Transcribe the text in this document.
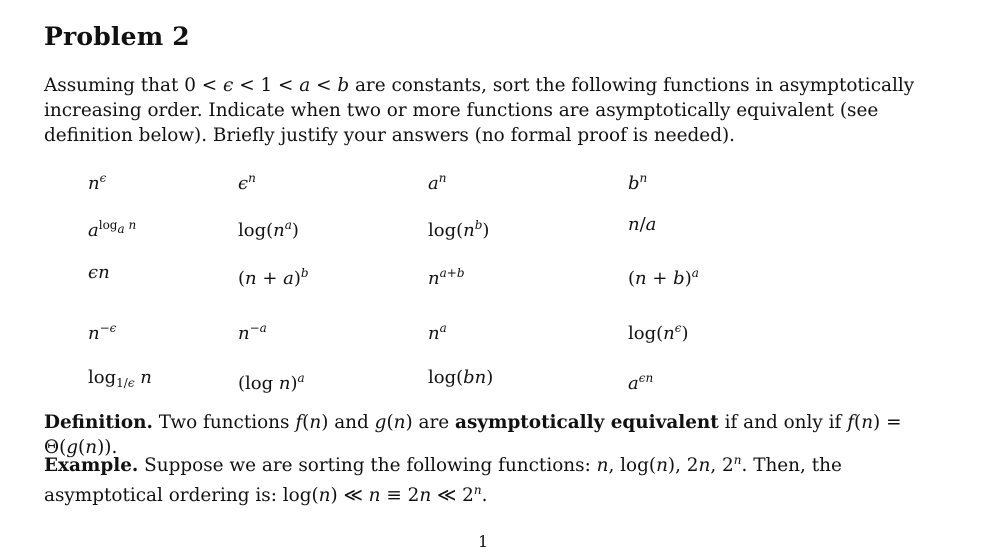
Problem 2
Assuming that 0 < ϵ < 1 < a < b are constants, sort the following functions in asymptotically increasing order. Indicate when two or more functions are asymptotically equivalent (see definition below). Briefly justify your answers (no formal proof is needed).
$n^\epsilon$	$\epsilon^n$	$a^n$	$b^n$
$a^{log_a n}$	$\log(n^a)$	$\log(n^b)$	n/a
ϵn	$(n + a)^b$	$n^{a+b}$	$(n + b)^a$
$n^{-\epsilon}$	$n^{-a}$	$n^a$	$\log(n^\epsilon)$
$\log_{1/\epsilon} n$	(log n)$^a$	log(bn)	$a^{\epsilon n}$
Definition. Two functions f(n) and g(n) are asymptotically equivalent if and only if f(n) = Θ(g(n)).
Example. Suppose we are sorting the following functions: n, log(n), 2n, 2$^n$. Then, the asymptotical ordering is: log(n) ≪ n ≡ 2n ≪ 2$^n$.
1
